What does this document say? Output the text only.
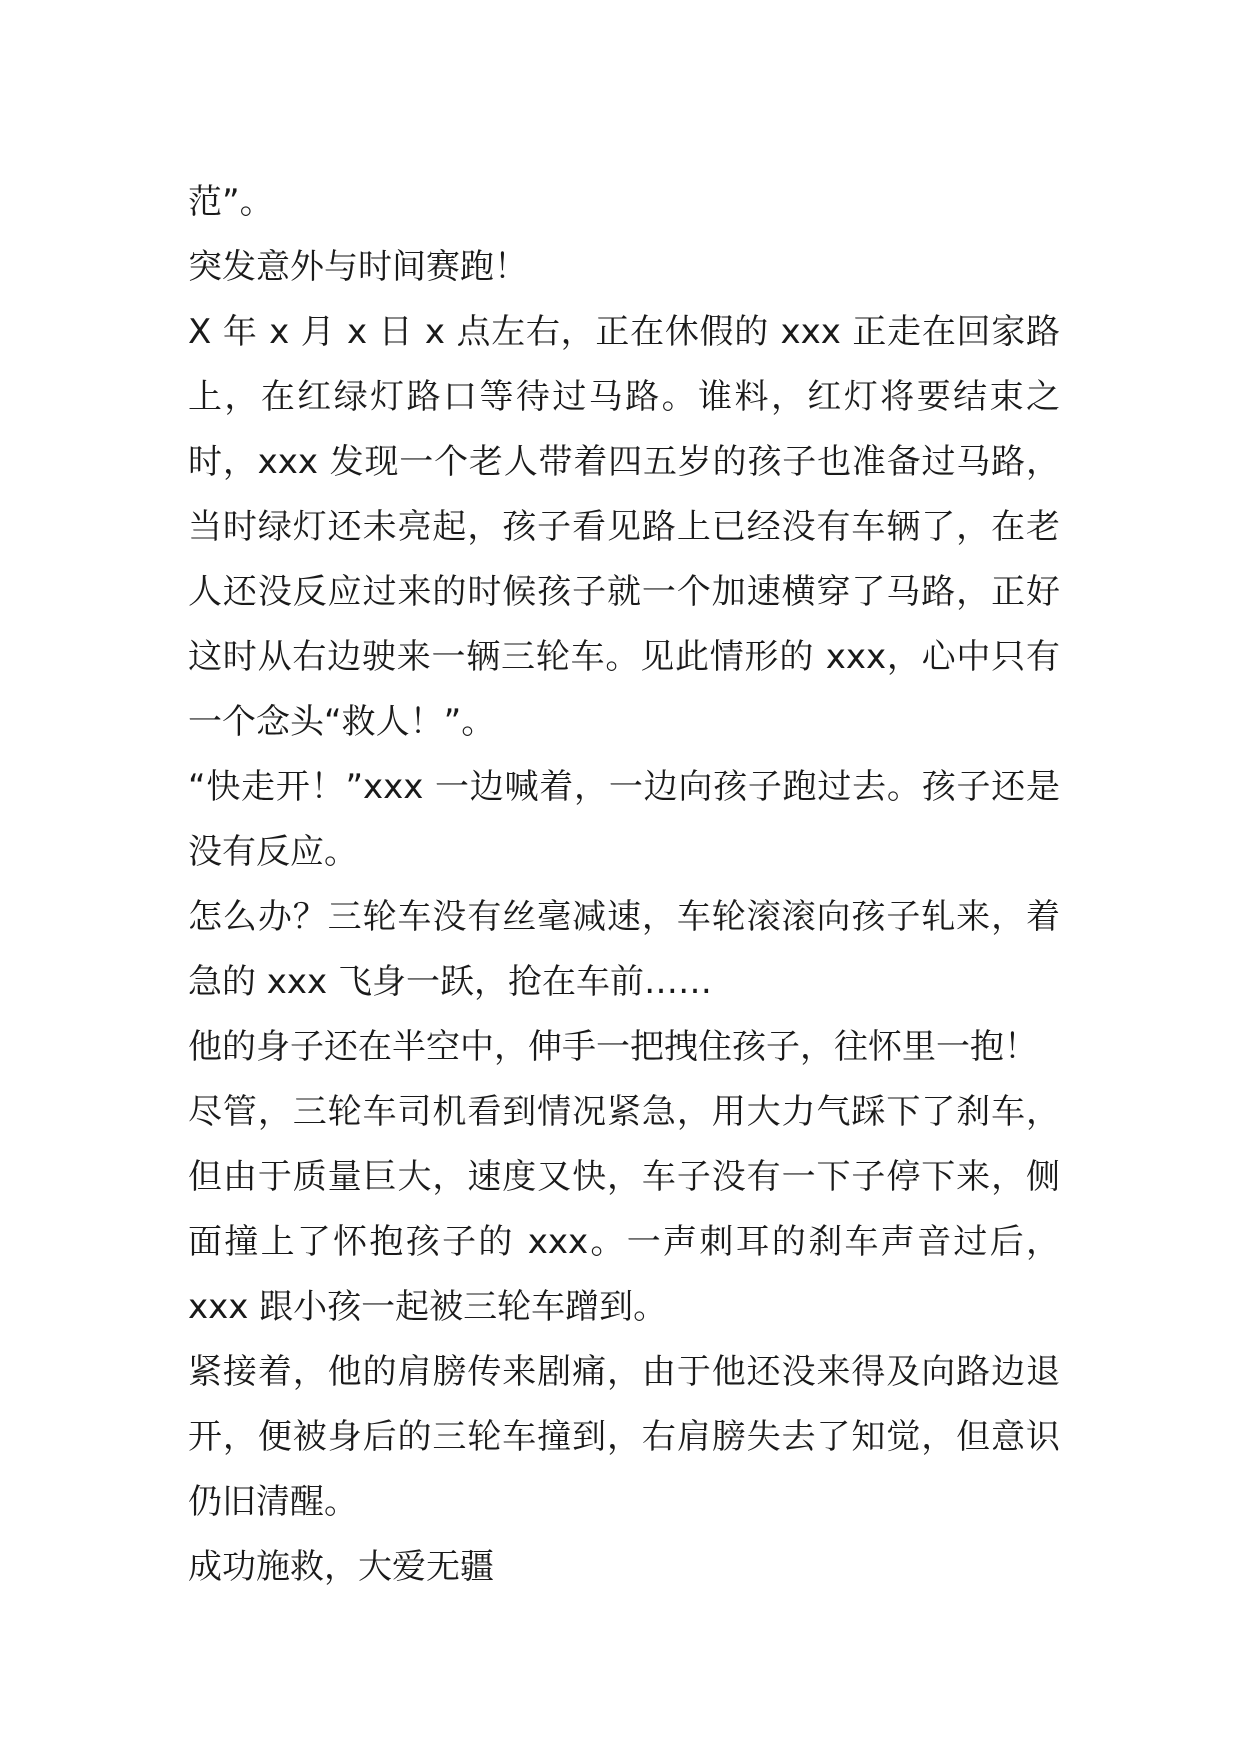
范”。

突发意外与时间赛跑！

X 年 x 月 x 日 x 点左右，正在休假的 xxx 正走在回家路上，在红绿灯路口等待过马路。谁料，红灯将要结束之时，xxx 发现一个老人带着四五岁的孩子也准备过马路，当时绿灯还未亮起，孩子看见路上已经没有车辆了，在老人还没反应过来的时候孩子就一个加速横穿了马路，正好这时从右边驶来一辆三轮车。见此情形的 xxx，心中只有一个念头“救人！”。

“快走开！”xxx 一边喊着，一边向孩子跑过去。孩子还是没有反应。

怎么办？三轮车没有丝毫减速，车轮滚滚向孩子轧来，着急的 xxx 飞身一跃，抢在车前……

他的身子还在半空中，伸手一把拽住孩子，往怀里一抱！

尽管，三轮车司机看到情况紧急，用大力气踩下了刹车，但由于质量巨大，速度又快，车子没有一下子停下来，侧面撞上了怀抱孩子的 xxx。一声刺耳的刹车声音过后，xxx 跟小孩一起被三轮车蹭到。

紧接着，他的肩膀传来剧痛，由于他还没来得及向路边退开，便被身后的三轮车撞到，右肩膀失去了知觉，但意识仍旧清醒。

成功施救，大爱无疆
